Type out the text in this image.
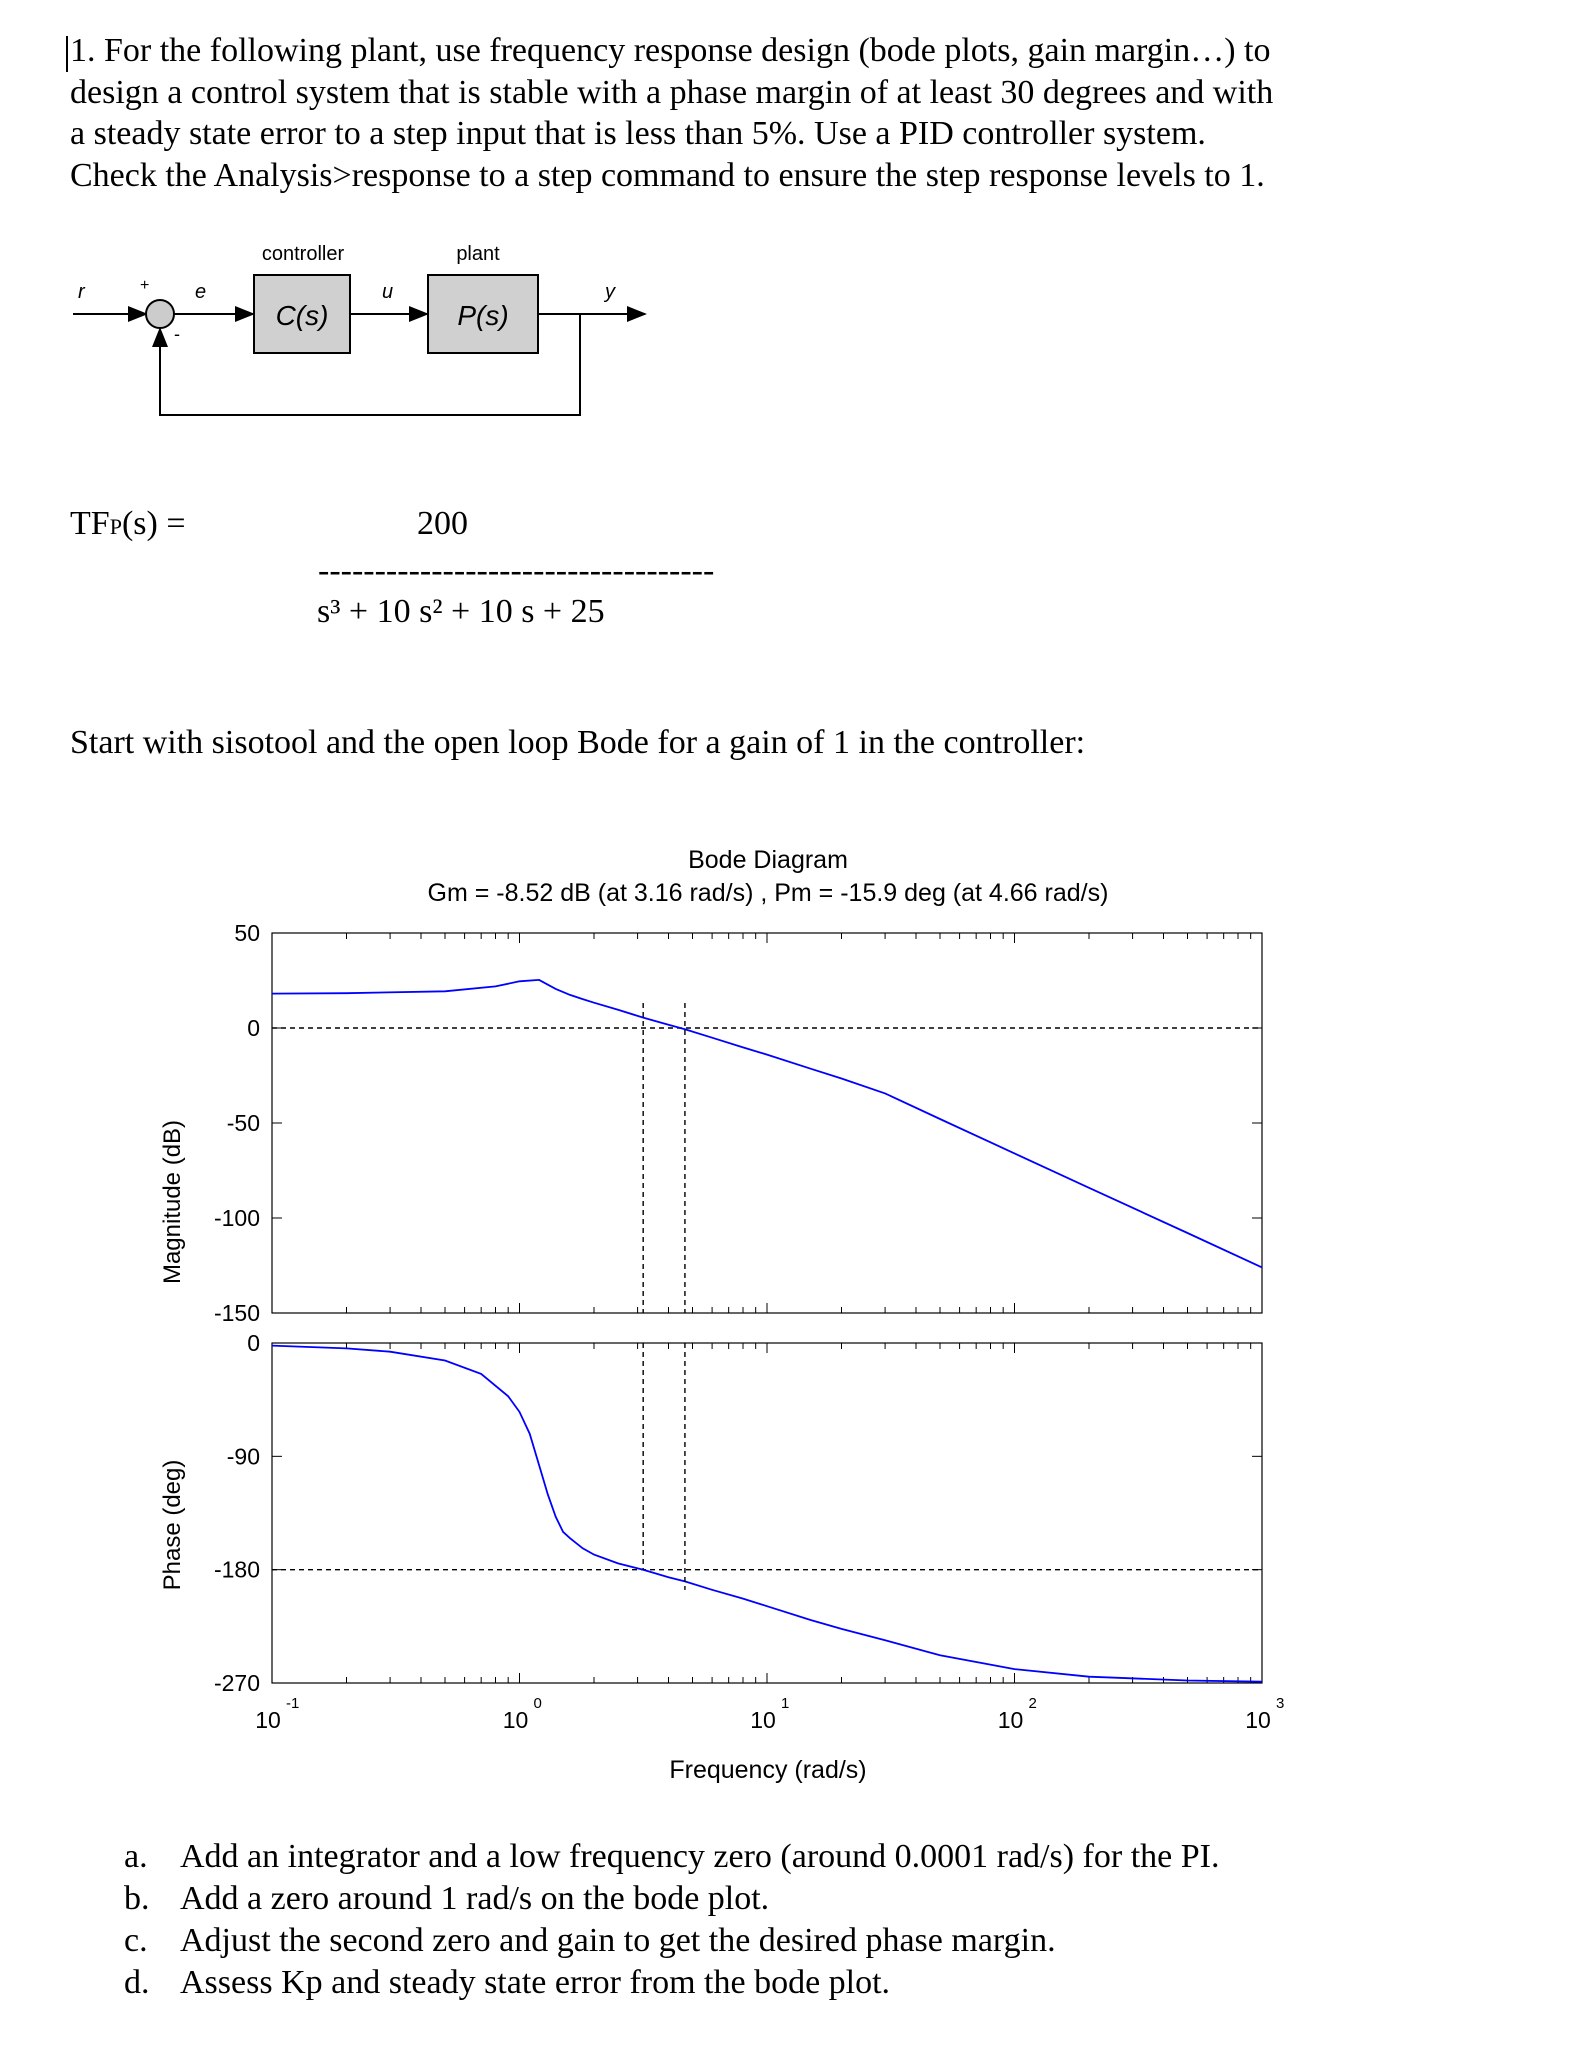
1. For the following plant, use frequency response design (bode plots, gain margin…) to
design a control system that is stable with a phase margin of at least 30 degrees and with
a steady state error to a step input that is less than 5%. Use a PID controller system.
Check the Analysis>response to a step command to ensure the step response levels to 1.
controller	plant
r	+ e	u	y
-
C(s)	P(s)
TFP(s) =	200
-----------------------------------
s³ + 10 s² + 10 s + 25
Start with sisotool and the open loop Bode for a gain of 1 in the controller:
Bode Diagram
Gm = -8.52 dB (at 3.16 rad/s) , Pm = -15.9 deg (at 4.66 rad/s)
50
0
-50
-100
-150
0
-90
-180
-270
10
-1
10
0
10
1
10
2
10
3
Magnitude (dB)
Phase (deg)
Frequency (rad/s)
a. Add an integrator and a low frequency zero (around 0.0001 rad/s) for the PI.
b. Add a zero around 1 rad/s on the bode plot.
c. Adjust the second zero and gain to get the desired phase margin.
d. Assess Kp and steady state error from the bode plot.
